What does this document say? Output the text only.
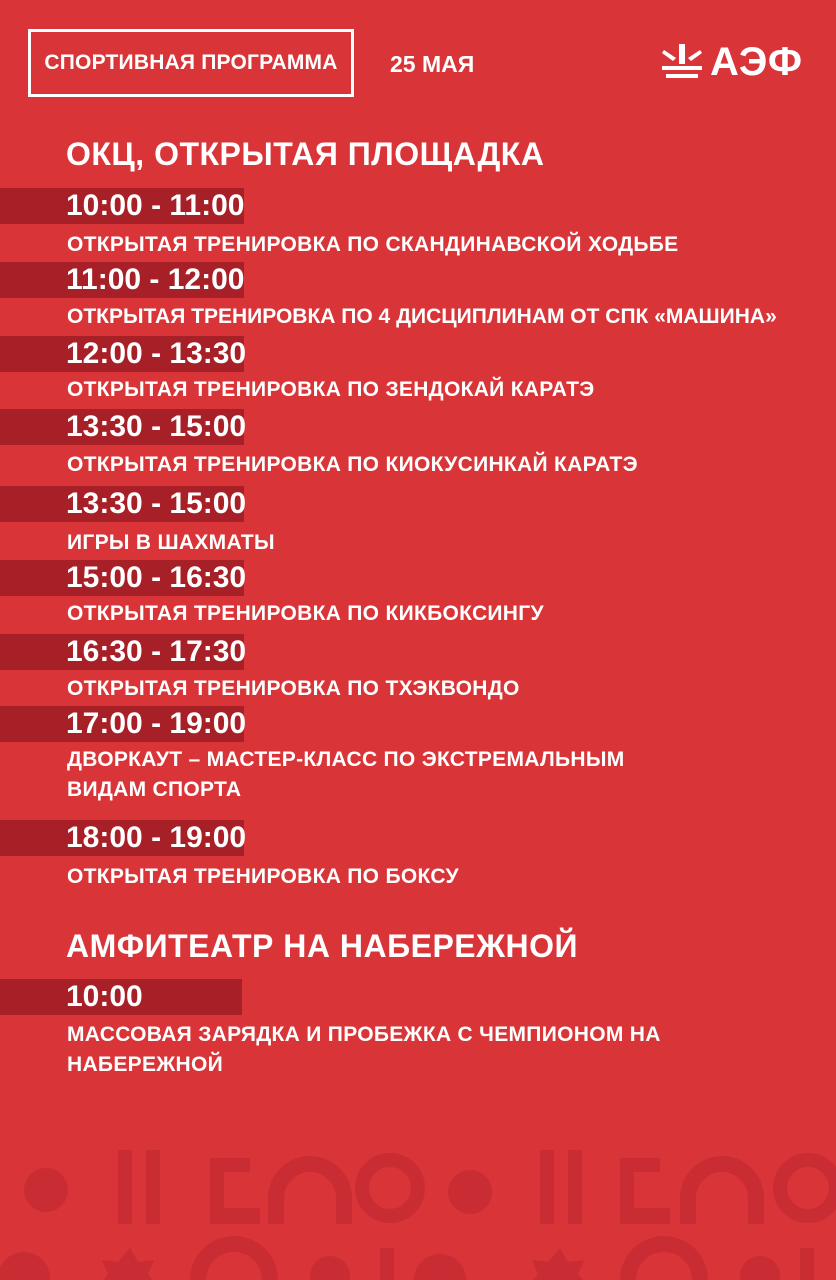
СПОРТИВНАЯ ПРОГРАММА 25 МАЯ	АЭФ
ОКЦ, ОТКРЫТАЯ ПЛОЩАДКА
10:00 - 11:00
ОТКРЫТАЯ ТРЕНИРОВКА ПО СКАНДИНАВСКОЙ ХОДЬБЕ
11:00 - 12:00
ОТКРЫТАЯ ТРЕНИРОВКА ПО 4 ДИСЦИПЛИНАМ ОТ СПК «МАШИНА»
12:00 - 13:30
ОТКРЫТАЯ ТРЕНИРОВКА ПО ЗЕНДОКАЙ КАРАТЭ
13:30 - 15:00
ОТКРЫТАЯ ТРЕНИРОВКА ПО КИОКУСИНКАЙ КАРАТЭ
13:30 - 15:00
ИГРЫ В ШАХМАТЫ
15:00 - 16:30
ОТКРЫТАЯ ТРЕНИРОВКА ПО КИКБОКСИНГУ
16:30 - 17:30
ОТКРЫТАЯ ТРЕНИРОВКА ПО ТХЭКВОНДО
17:00 - 19:00
ДВОРКАУТ – МАСТЕР-КЛАСС ПО ЭКСТРЕМАЛЬНЫМ ВИДАМ СПОРТА
18:00 - 19:00
ОТКРЫТАЯ ТРЕНИРОВКА ПО БОКСУ
АМФИТЕАТР НА НАБЕРЕЖНОЙ
10:00
МАССОВАЯ ЗАРЯДКА И ПРОБЕЖКА С ЧЕМПИОНОМ НА НАБЕРЕЖНОЙ
